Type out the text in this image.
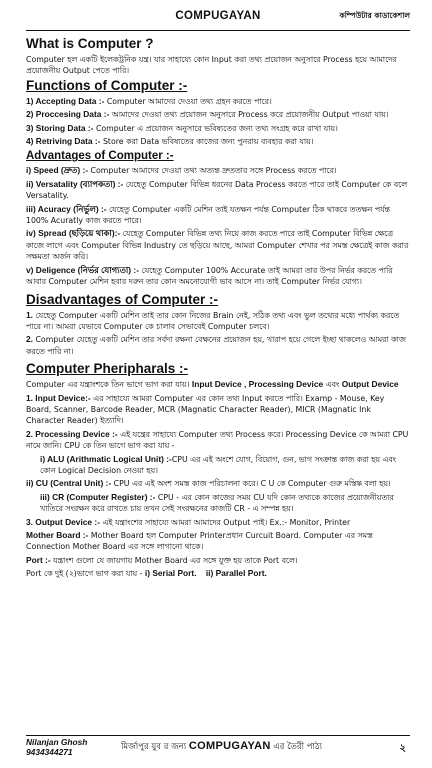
COMPUGAYAN	কম্পিউটার কাডাকেশাল
What is Computer ?
Computer হল একটি ইলেকট্রনিক যন্ত্র। যার সাহায্যে কোন Input করা তথ্য প্রয়োজন অনুসারে Process হয়ে আমাদের প্রয়োজনীয় Output পেতে পারি।
Functions of Computer :-
1) Accepting Data :- Computer আমাদের দেওয়া তথ্য গ্রহন করতে পারে।
2) Proccesing Data :- আমাদের দেওয়া তথ্য প্রয়োজন অনুসারে Process করে প্রয়োজনীয় Output পাওয়া যায়।
3) Storing Data :- Computer এ প্রয়োজন অনুসারে ভবিষ্যতের জন্য তথ্য সংগ্রহ করে রাখা যায়।
4) Retriving Data :- Store করা Data ভবিষ্যতের কাজের জন্য পুনরায় ব্যবহার করা যায়।
Advantages of Computer :-
i) Speed (দ্রুত) :- Computer আমাদের দেওয়া তথ্য অত্যন্ত দ্রুততার সঙ্গে Process করতে পারে।
ii) Versatality (ব্যাপকতা) :- যেহেতু Computer বিভিন্ন ধরনের Data Process করতে পারে তাই Computer কে বলে Versatality.
iii) Acuracy (নির্ভুল) :- যেহেতু Computer একটি মেশিন তাই যতক্ষন পর্যন্ত Computer ঠিক থাকবে ততক্ষন পর্যন্ত 100% Acuratly কাজ করতে পারে।
iv) Spread (ছড়িয়ে থাকা):- যেহেতু Computer বিভিন্ন তথ্য নিয়ে কাজ করতে পারে তাই Computer বিভিন্ন ক্ষেত্রে কাজে লাগে এবং Computer বিভিন্ন Industry তে ছড়িয়ে আছে, আমরা Computer শেখার পর সমস্ত ক্ষেত্রেই কাজ করার সক্ষমতা অর্জন করি।
v) Deligence (নির্ভর যোগ্যতা) :- যেহেতু Computer 100% Accurate তাই আমরা তার উপর নির্ভর করতে পারি আবার Computer মেশিন হবার দরুন তার কোন অমনোযোগী ভাব আসে না। তাই Computer নির্ভর যোগ্য।
Disadvantages of Computer :-
1. যেহেতু Computer একটি মেশিন তাই তার কোন নিজের Brain নেই, সঠিক তথ্য এবং ভুল তথ্যের মধ্যে পার্থক্য করতে পারে না। আমরা যেভাবে Computer কে চালাব সেভাবেই Computer চলবে।
2. Computer যেহেতু একটি মেশিন তার সর্বদা রক্ষনা বেক্ষনের প্রয়োজন হয়, খারাপ হয়ে গেলে ইচ্ছা থাকলেও আমরা কাজ করতে পারি না।
Computer Pheripharals :-
Computer এর যন্ত্রাংশকে তিন ভাগে ভাগ করা যায়। Input Device , Processing Device এবং Output Device
1. Input Device:- এর সাহায্যে আমরা Computer এর কোন তথ্য Input করতে পারি। Examp - Mouse, Key Board, Scanner, Barcode Reader, MCR (Magnatic Character Reader), MICR (Magnatic Ink Character Reader) ইত্যাদি।
2. Processing Device :- এই যন্ত্রের সাহায্যে Computer তথ্য Process করে। Processing Device কে আমরা CPU নামে জানি। CPU কে তিন ভাগে ভাগ করা যায় -
i) ALU (Arithmatic Logical Unit) :-CPU এর এই অংশে যোগ, বিয়োগ, গুন, ভাগ সংক্রান্ত কাজ করা হয় এবং কোন Logical Decision নেওয়া হয়।
ii) CU (Central Unit) :- CPU এর এই অংশ সমস্ত কাজ পরিচালনা করে। C U কে Computer গুরু মস্তিষ্ক বলা হয়।
iii) CR (Computer Register) :- CPU - এর কোন কাজের সময় CU যদি কোন তথ্যকে কাজের প্রয়োজনীয়তার খাতিরে সংরক্ষন করে রাখতে চায় তখন সেই সংরক্ষনের কাজটি CR - এ সম্পন্ন হয়।
3. Output Device :- এই যন্ত্রাংশের সাহায্যে আমরা আমাদের Output পাই। Ex.:- Monitor, Printer
Mother Board :- Mother Board হল Computer Printerপ্রধান Curcuit Board. Computer এর সমস্ত Connection Mother Board এর সঙ্গে লাগানো থাকে।
Port :- যন্ত্রাংশ গুলো যে জায়গায় Mother Board এর সঙ্গে যুক্ত হয় তাকে Port বলে।
Port কে দুই (২)ভাগে ভাগ করা যায় - i) Serial Port.    ii) Parallel Port.
Nilanjan Ghosh
9434344271	মির্জাপুর যুব র জন্য COMPUGAYAN এর তৈরী পাঠ্য	২
